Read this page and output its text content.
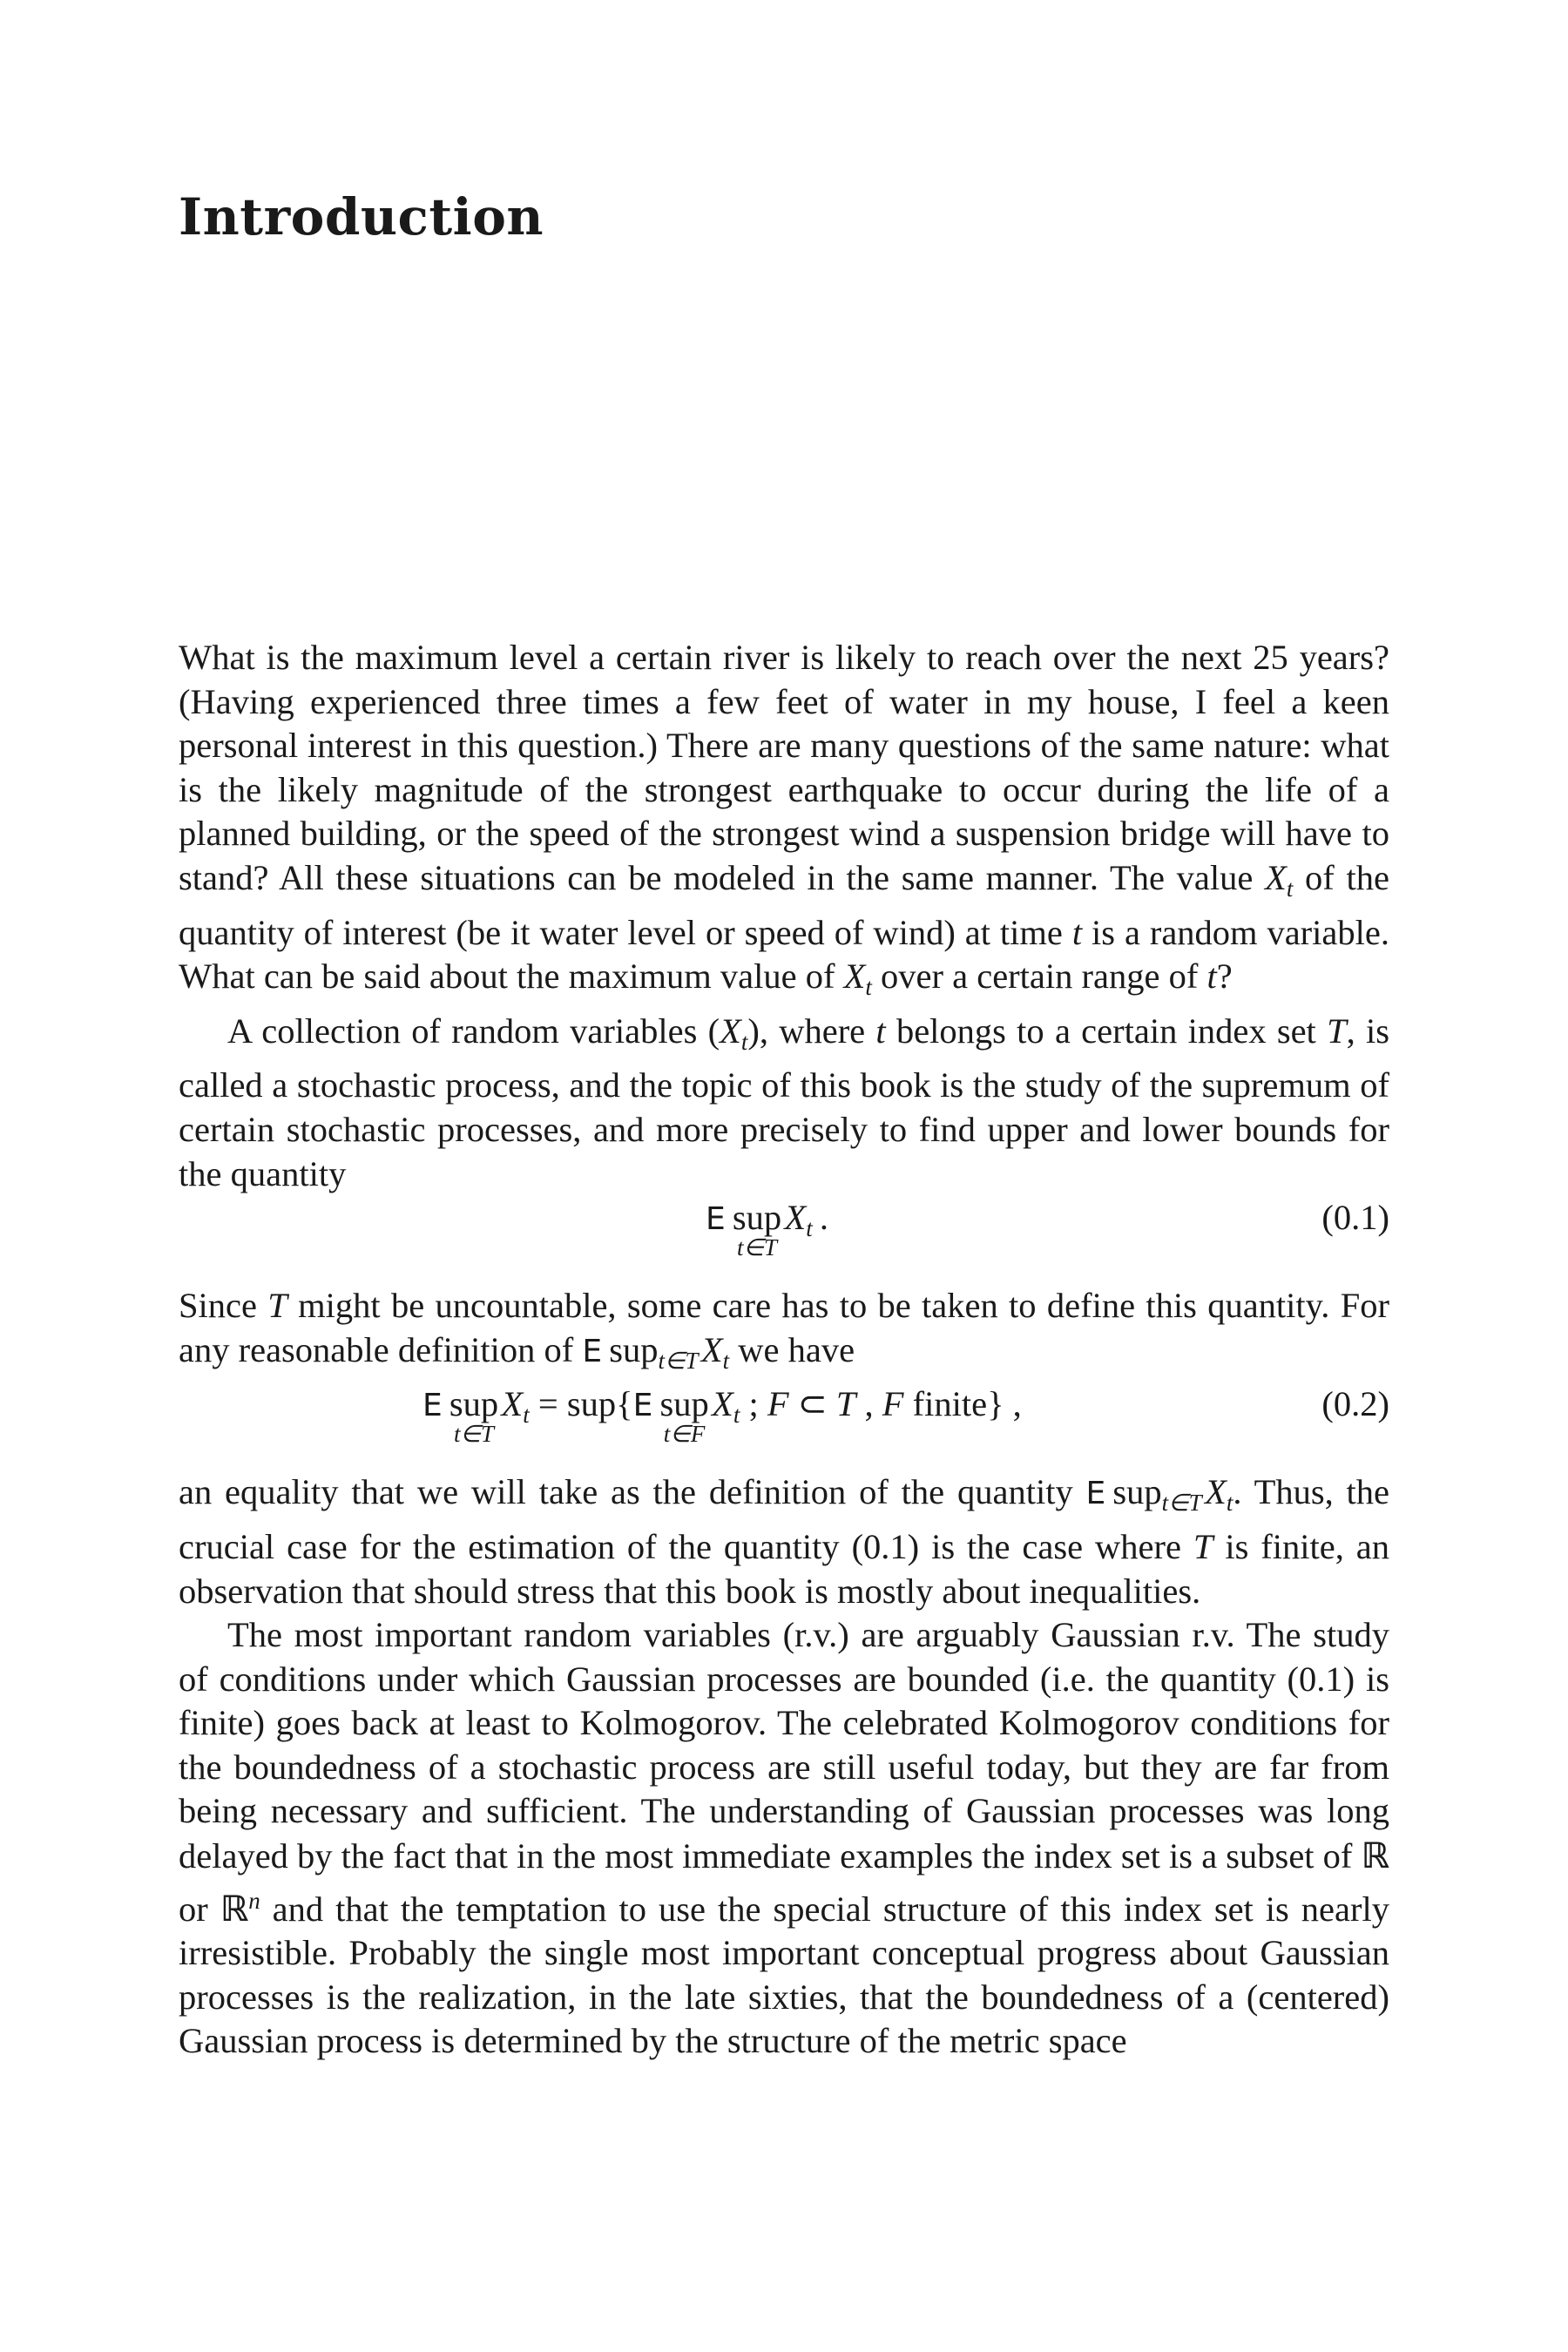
Introduction

What is the maximum level a certain river is likely to reach over the next 25 years? (Having experienced three times a few feet of water in my house, I feel a keen personal interest in this question.) There are many questions of the same nature: what is the likely magnitude of the strongest earthquake to occur during the life of a planned building, or the speed of the strongest wind a suspension bridge will have to stand? All these situations can be modeled in the same manner. The value $X_t$ of the quantity of interest (be it water level or speed of wind) at time t is a random variable. What can be said about the maximum value of $X_t$ over a certain range of t?

A collection of random variables $(X_t)$, where t belongs to a certain index set T, is called a stochastic process, and the topic of this book is the study of the supremum of certain stochastic processes, and more precisely to find upper and lower bounds for the quantity

E  sup
t∈T
 $X_t$ .	(0.1)

Since T might be uncountable, some care has to be taken to define this quantity. For any reasonable definition of E sup$_{t\in T}$ $X_t$ we have

E  sup
t∈T
 $X_t = sup\{E$  sup
t∈F
 $X_t$ ; F ⊂ T , F finite} ,	(0.2)

an equality that we will take as the definition of the quantity E sup$_{t\in T}$ $X_t$. Thus, the crucial case for the estimation of the quantity (0.1) is the case where T is finite, an observation that should stress that this book is mostly about inequalities.

The most important random variables (r.v.) are arguably Gaussian r.v. The study of conditions under which Gaussian processes are bounded (i.e. the quantity (0.1) is finite) goes back at least to Kolmogorov. The celebrated Kolmogorov conditions for the boundedness of a stochastic process are still useful today, but they are far from being necessary and sufficient. The understanding of Gaussian processes was long delayed by the fact that in the most immediate examples the index set is a subset of ℝ or ℝ$^n$ and that the temptation to use the special structure of this index set is nearly irresistible. Probably the single most important conceptual progress about Gaussian processes is the realization, in the late sixties, that the boundedness of a (centered) Gaussian process is determined by the structure of the metric space
